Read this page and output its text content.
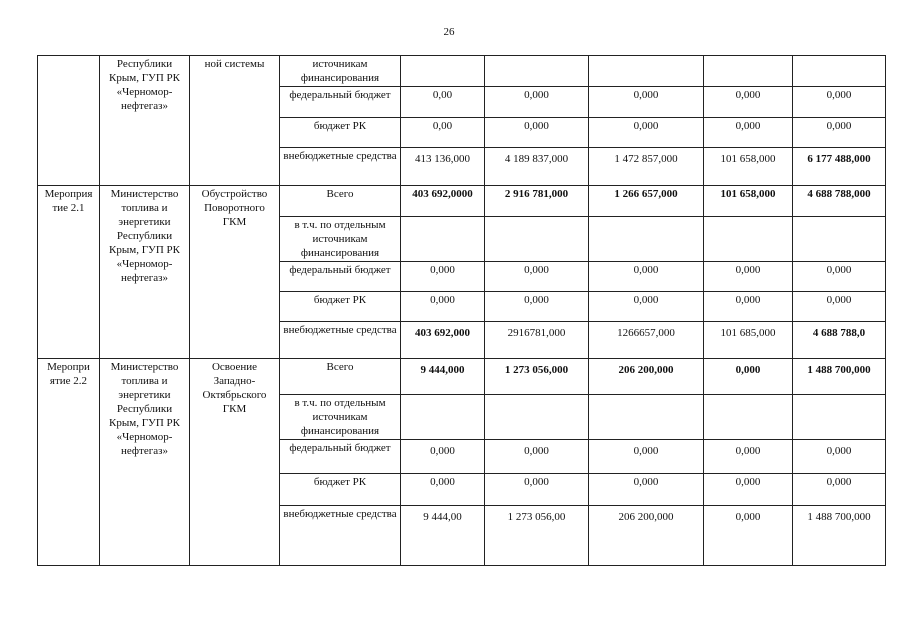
26
	Республики Крым, ГУП РК «Черномор-нефтегаз»	ной системы	источникам финансирования					
			федеральный бюджет	0,00	0,000	0,000	0,000	0,000
			бюджет РК	0,00	0,000	0,000	0,000	0,000
			внебюджетные средства	413 136,000	4 189 837,000	1 472 857,000	101 658,000	6 177 488,000
Мероприя тие 2.1	Министерство топлива и энергетики Республики Крым, ГУП РК «Черномор-нефтегаз»	Обустройство Поворотного ГКМ	Всего	403 692,0000	2 916 781,000	1 266 657,000	101 658,000	4 688 788,000
			в т.ч. по отдельным источникам финансирования					
			федеральный бюджет	0,000	0,000	0,000	0,000	0,000
			бюджет РК	0,000	0,000	0,000	0,000	0,000
			внебюджетные средства	403 692,000	2916781,000	1266657,000	101 685,000	4 688 788,0
Меропри ятие 2.2	Министерство топлива и энергетики Республики Крым, ГУП РК «Черномор-нефтегаз»	Освоение Западно-Октябрьского ГКМ	Всего	9 444,000	1 273 056,000	206 200,000	0,000	1 488 700,000
			в т.ч. по отдельным источникам финансирования					
			федеральный бюджет	0,000	0,000	0,000	0,000	0,000
			бюджет РК	0,000	0,000	0,000	0,000	0,000
			внебюджетные средства	9 444,00	1 273 056,00	206 200,000	0,000	1 488 700,000
